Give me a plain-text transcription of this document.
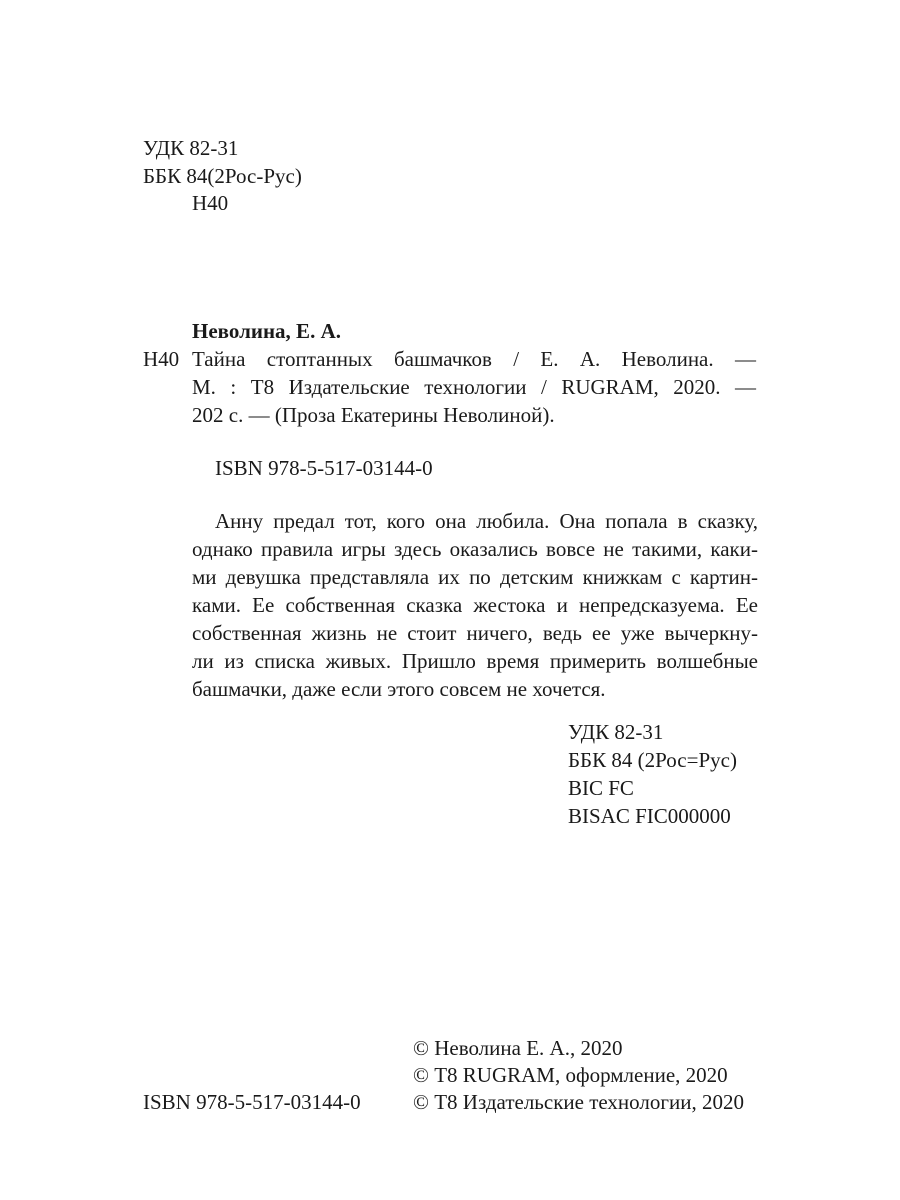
УДК 82-31
ББК 84(2Рос-Рус)
Н40
Неволина, Е. А.
Н40 Тайна стоптанных башмачков / Е. А. Неволина. —
М. : Т8 Издательские технологии / RUGRAM, 2020. —
202 с. — (Проза Екатерины Неволиной).
ISBN 978-5-517-03144-0
Анну предал тот, кого она любила. Она попала в сказку,
однако правила игры здесь оказались вовсе не такими, каки-
ми девушка представляла их по детским книжкам с картин-
ками. Ее собственная сказка жестока и непредсказуема. Ее
собственная жизнь не стоит ничего, ведь ее уже вычеркну-
ли из списка живых. Пришло время примерить волшебные
башмачки, даже если этого совсем не хочется.
УДК 82-31
ББК 84 (2Рос=Рус)
BIC FC
BISAC FIC000000
© Неволина Е. А., 2020
© Т8 RUGRAM, оформление, 2020
© Т8 Издательские технологии, 2020
ISBN 978-5-517-03144-0
